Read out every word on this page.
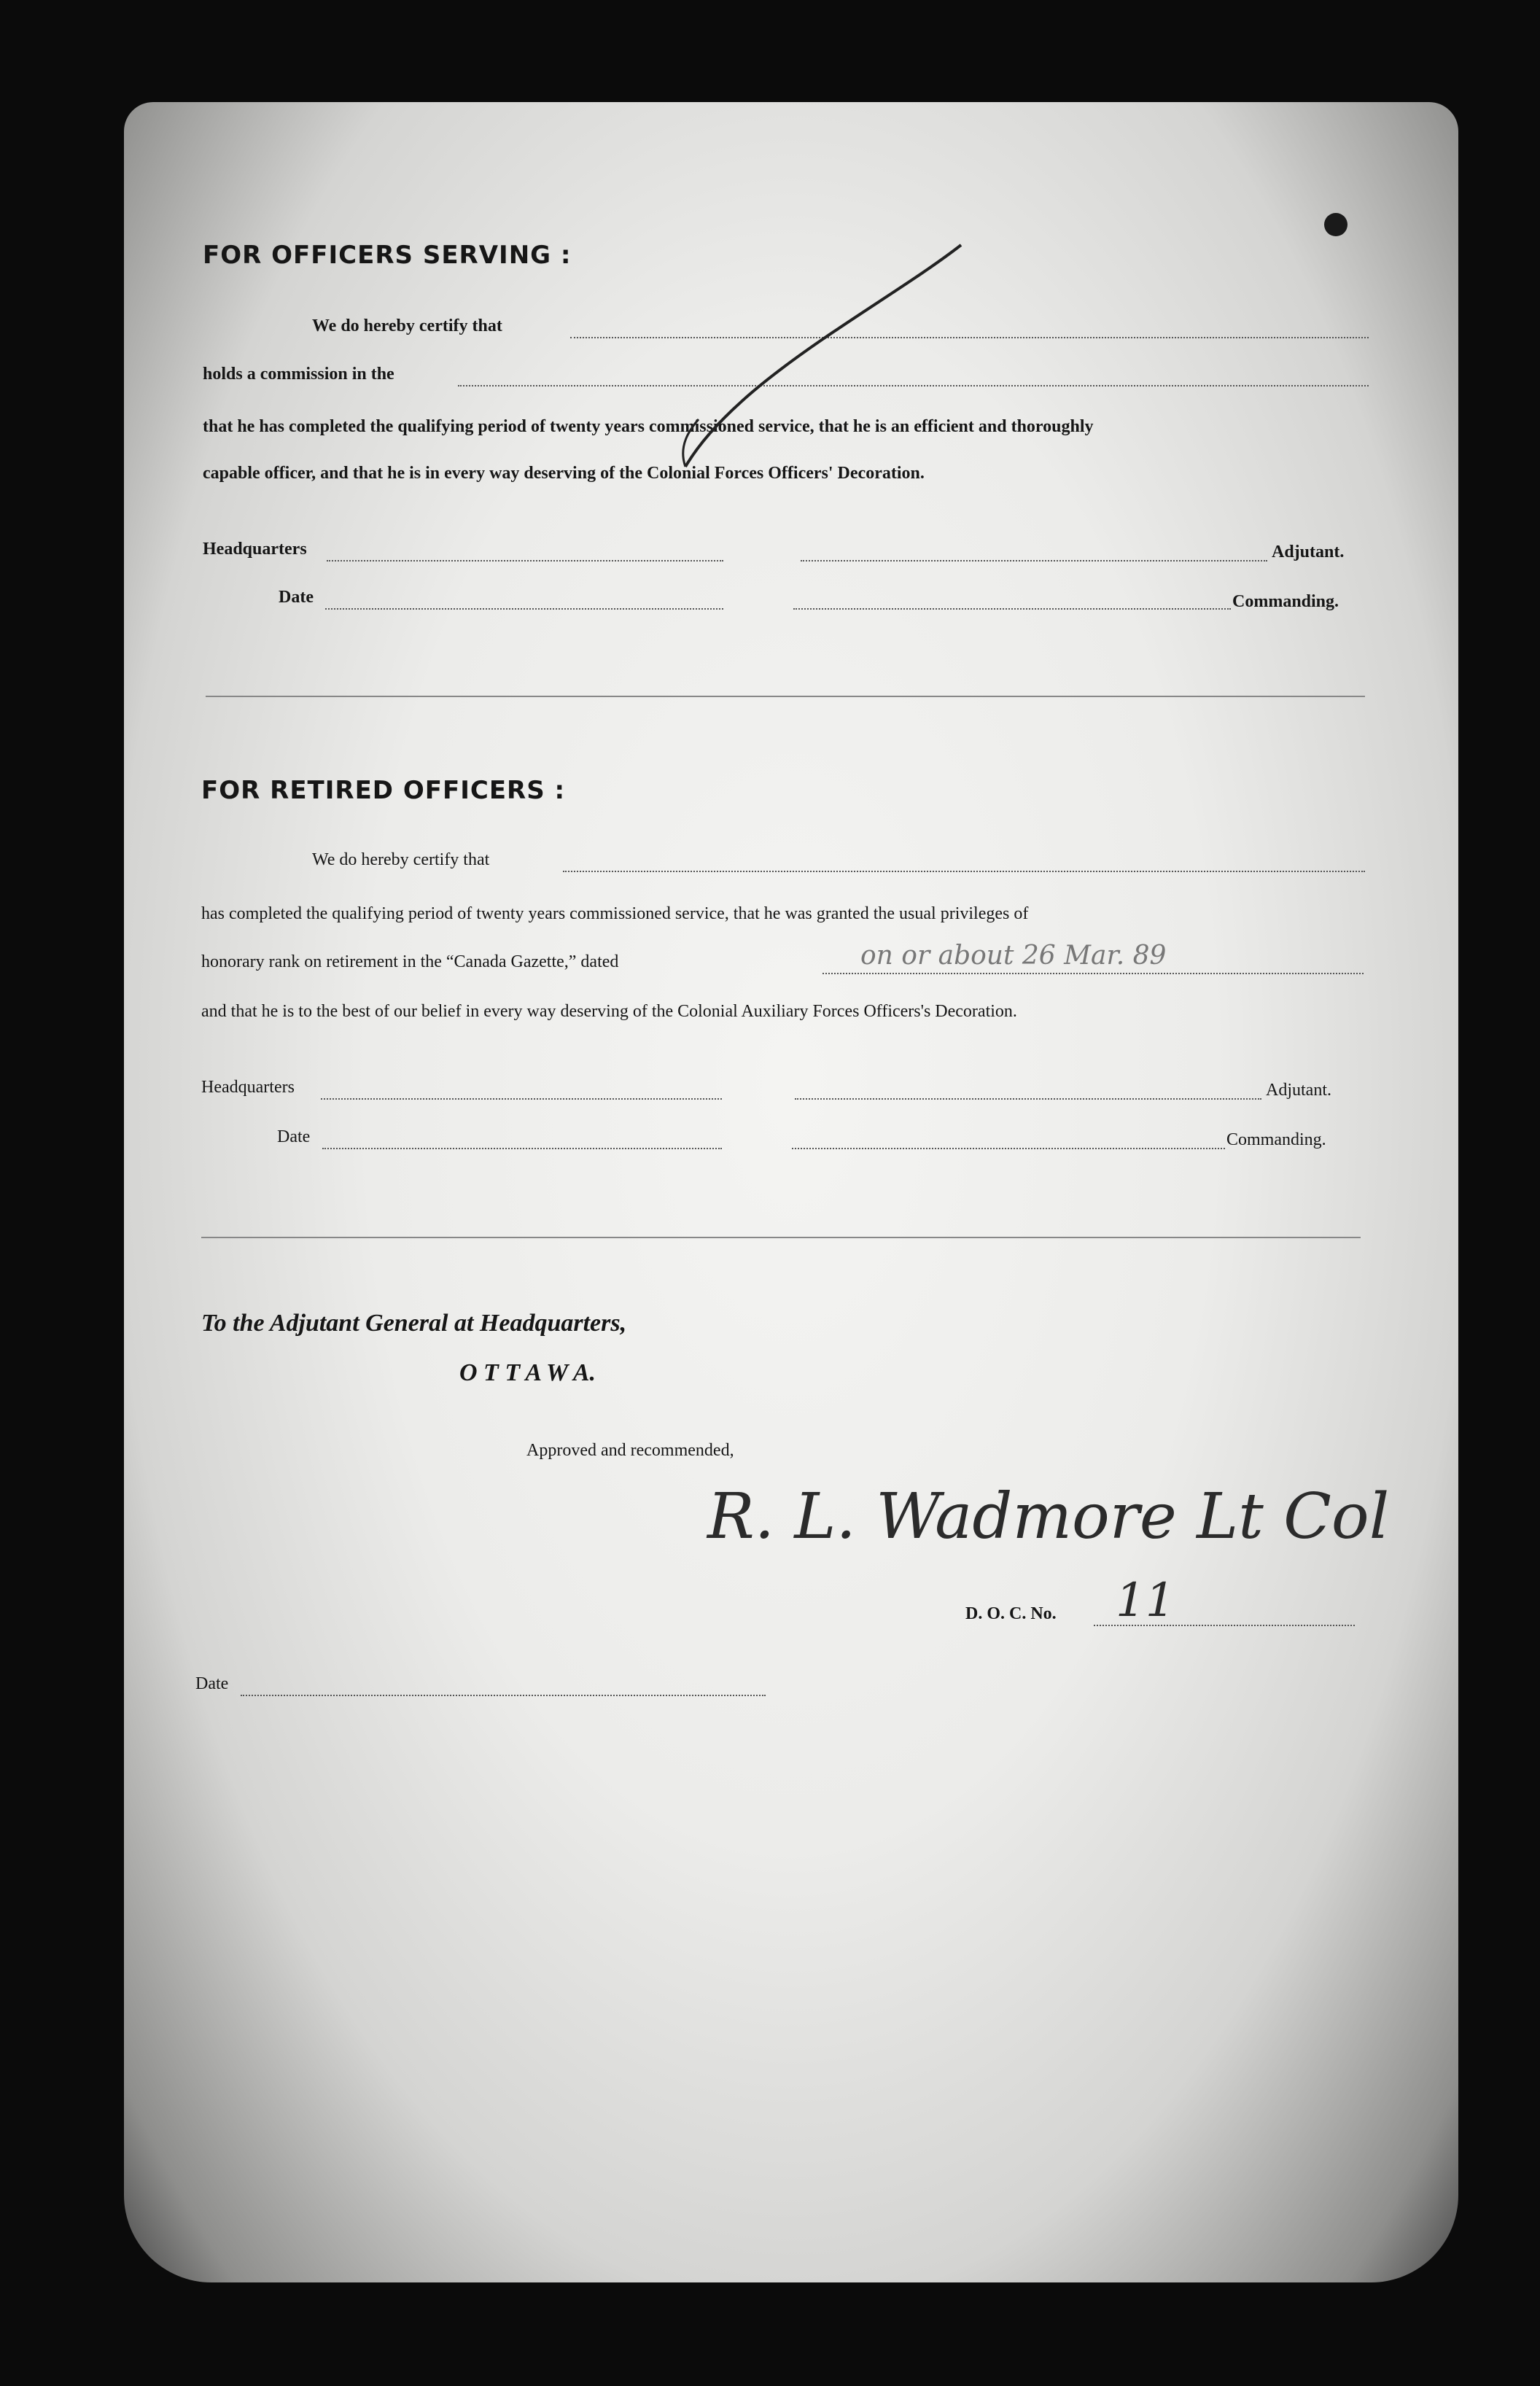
FOR OFFICERS SERVING :
We do hereby certify that
holds a commission in the
that he has completed the qualifying period of twenty years commissioned service, that he is an efficient and thoroughly
capable officer, and that he is in every way deserving of the Colonial Forces Officers' Decoration.
Headquarters	Adjutant.
Date	Commanding.
FOR RETIRED OFFICERS :
We do hereby certify that
has completed the qualifying period of twenty years commissioned service, that he was granted the usual privileges of
honorary rank on retirement in the “Canada Gazette,” dated	on or about 26 Mar. 89
and that he is to the best of our belief in every way deserving of the Colonial Auxiliary Forces Officers's Decoration.
Headquarters	Adjutant.
Date	Commanding.
To the Adjutant General at Headquarters,
O T T A W A.
Approved and recommended,
R. L. Wadmore Lt Col
D. O. C. No. 11
Date
